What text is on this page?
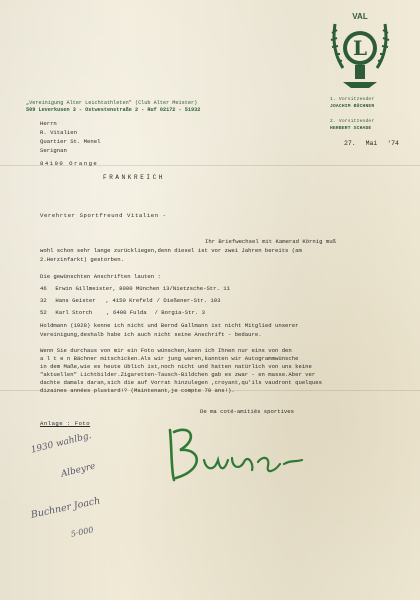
VAL
L
1. Vorsitzender
JOACHIM BÜCHNER
2. Vorsitzender
HERBERT SCHADE
27. Mai '74
„Vereinigung Alter Leichtathleten" (Club Alter Meister)
509 Leverkusen 3 - Ostwestenstraße 2 - Ruf 02172 - 51932
Herrn
R. Vitalien
Quartier St. Menel
Serignan
84100 Orange
FRANKREICH
Verehrter Sportfreund Vitalien -
Ihr Briefwechsel mit Kamerad Körnig muß
wohl schon sehr lange zurückliegen,denn diesel ist vor zwei Jahren bereits (am
2.Herzinfarkt) gestorben.
Die gewünschten Anschriften lauten :
46 Erwin Gillmeister, 8000 München 13/Nietzsche-Str. 11
32 Hans Geister , 4150 Krefeld / Dießener-Str. 103
52 Karl Storch	, 6400 Fulda / Borgia-Str. 3
Holdmann (1928) kenne ich nicht und Bernd Gallmann ist nicht Mitglied unserer
Vereinigung,deshalb habe ich auch nicht seine Anschrift - bedaure.
Wenn Sie durchaus von mir ein Foto wünschen,kann ich Ihnen nur eins von den
a l t e n Bächner mitschicken.Als wir jung waren,kannten wir Autogrammwünsche
in dem Maße,wie es heute üblich ist,noch nicht und hatten natürlich von uns keine
"aktuellen" Lichtbilder.Zigaretten-Tausch-Bildchen gab es zwar - en masse.Aber ver
dachte damals daran,sich die auf Vorrat hinzulegen ,croyant,qu'ils vaudront quelques
dizaines années plustard!? (Maintenant,je compte 70 ans!).
De ma coté-amitiés sportives
Anlage : Foto
1930 wahlbg.
Albeyre
Buchner Joach
5·000
